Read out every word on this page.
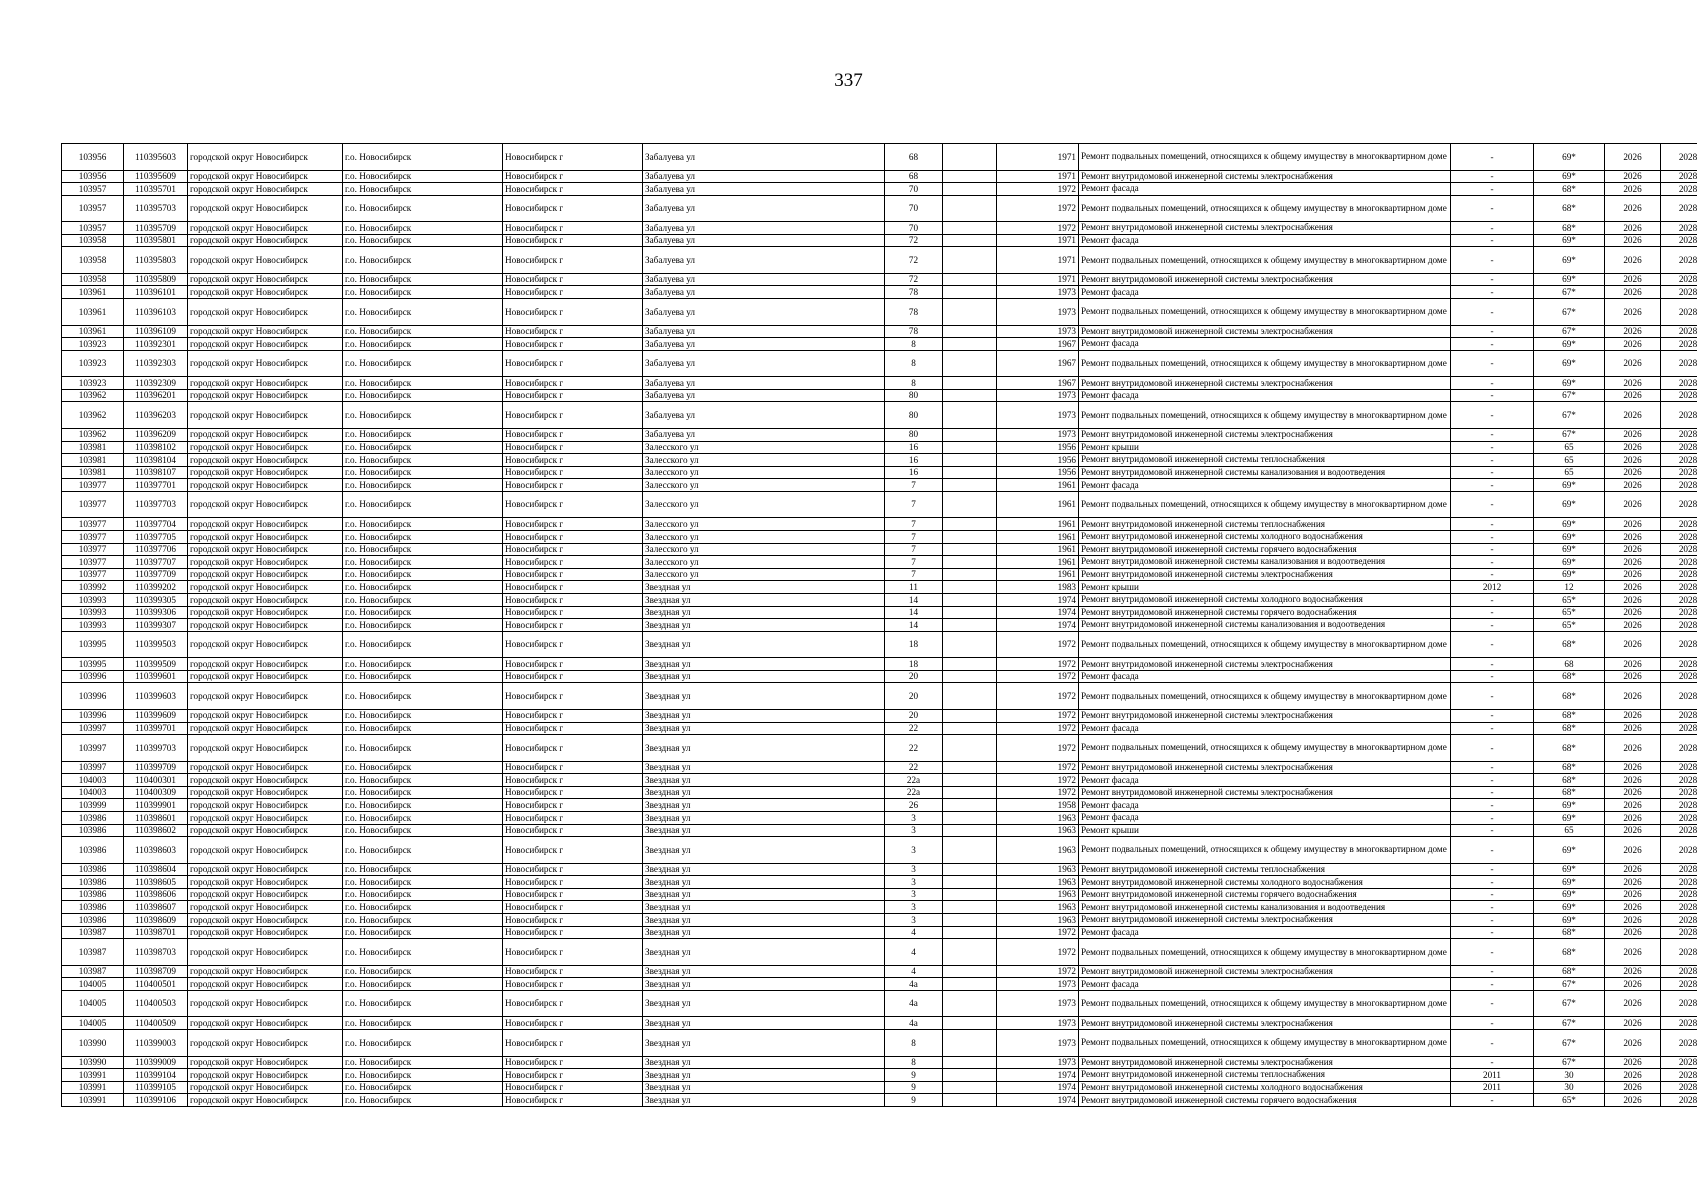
337
103956	110395603	городской округ Новосибирск	г.о. Новосибирск	Новосибирск г	Забалуева ул	68		1971	Ремонт подвальных помещений, относящихся к общему имуществу в многоквартирном доме	-	69*	2026	2028
103956	110395609	городской округ Новосибирск	г.о. Новосибирск	Новосибирск г	Забалуева ул	68		1971	Ремонт внутридомовой инженерной системы электроснабжения	-	69*	2026	2028
103957	110395701	городской округ Новосибирск	г.о. Новосибирск	Новосибирск г	Забалуева ул	70		1972	Ремонт фасада	-	68*	2026	2028
103957	110395703	городской округ Новосибирск	г.о. Новосибирск	Новосибирск г	Забалуева ул	70		1972	Ремонт подвальных помещений, относящихся к общему имуществу в многоквартирном доме	-	68*	2026	2028
103957	110395709	городской округ Новосибирск	г.о. Новосибирск	Новосибирск г	Забалуева ул	70		1972	Ремонт внутридомовой инженерной системы электроснабжения	-	68*	2026	2028
103958	110395801	городской округ Новосибирск	г.о. Новосибирск	Новосибирск г	Забалуева ул	72		1971	Ремонт фасада	-	69*	2026	2028
103958	110395803	городской округ Новосибирск	г.о. Новосибирск	Новосибирск г	Забалуева ул	72		1971	Ремонт подвальных помещений, относящихся к общему имуществу в многоквартирном доме	-	69*	2026	2028
103958	110395809	городской округ Новосибирск	г.о. Новосибирск	Новосибирск г	Забалуева ул	72		1971	Ремонт внутридомовой инженерной системы электроснабжения	-	69*	2026	2028
103961	110396101	городской округ Новосибирск	г.о. Новосибирск	Новосибирск г	Забалуева ул	78		1973	Ремонт фасада	-	67*	2026	2028
103961	110396103	городской округ Новосибирск	г.о. Новосибирск	Новосибирск г	Забалуева ул	78		1973	Ремонт подвальных помещений, относящихся к общему имуществу в многоквартирном доме	-	67*	2026	2028
103961	110396109	городской округ Новосибирск	г.о. Новосибирск	Новосибирск г	Забалуева ул	78		1973	Ремонт внутридомовой инженерной системы электроснабжения	-	67*	2026	2028
103923	110392301	городской округ Новосибирск	г.о. Новосибирск	Новосибирск г	Забалуева ул	8		1967	Ремонт фасада	-	69*	2026	2028
103923	110392303	городской округ Новосибирск	г.о. Новосибирск	Новосибирск г	Забалуева ул	8		1967	Ремонт подвальных помещений, относящихся к общему имуществу в многоквартирном доме	-	69*	2026	2028
103923	110392309	городской округ Новосибирск	г.о. Новосибирск	Новосибирск г	Забалуева ул	8		1967	Ремонт внутридомовой инженерной системы электроснабжения	-	69*	2026	2028
103962	110396201	городской округ Новосибирск	г.о. Новосибирск	Новосибирск г	Забалуева ул	80		1973	Ремонт фасада	-	67*	2026	2028
103962	110396203	городской округ Новосибирск	г.о. Новосибирск	Новосибирск г	Забалуева ул	80		1973	Ремонт подвальных помещений, относящихся к общему имуществу в многоквартирном доме	-	67*	2026	2028
103962	110396209	городской округ Новосибирск	г.о. Новосибирск	Новосибирск г	Забалуева ул	80		1973	Ремонт внутридомовой инженерной системы электроснабжения	-	67*	2026	2028
103981	110398102	городской округ Новосибирск	г.о. Новосибирск	Новосибирск г	Залесского ул	16		1956	Ремонт крыши	-	65	2026	2028
103981	110398104	городской округ Новосибирск	г.о. Новосибирск	Новосибирск г	Залесского ул	16		1956	Ремонт внутридомовой инженерной системы теплоснабжения	-	65	2026	2028
103981	110398107	городской округ Новосибирск	г.о. Новосибирск	Новосибирск г	Залесского ул	16		1956	Ремонт внутридомовой инженерной системы канализования и водоотведения	-	65	2026	2028
103977	110397701	городской округ Новосибирск	г.о. Новосибирск	Новосибирск г	Залесского ул	7		1961	Ремонт фасада	-	69*	2026	2028
103977	110397703	городской округ Новосибирск	г.о. Новосибирск	Новосибирск г	Залесского ул	7		1961	Ремонт подвальных помещений, относящихся к общему имуществу в многоквартирном доме	-	69*	2026	2028
103977	110397704	городской округ Новосибирск	г.о. Новосибирск	Новосибирск г	Залесского ул	7		1961	Ремонт внутридомовой инженерной системы теплоснабжения	-	69*	2026	2028
103977	110397705	городской округ Новосибирск	г.о. Новосибирск	Новосибирск г	Залесского ул	7		1961	Ремонт внутридомовой инженерной системы холодного водоснабжения	-	69*	2026	2028
103977	110397706	городской округ Новосибирск	г.о. Новосибирск	Новосибирск г	Залесского ул	7		1961	Ремонт внутридомовой инженерной системы горячего водоснабжения	-	69*	2026	2028
103977	110397707	городской округ Новосибирск	г.о. Новосибирск	Новосибирск г	Залесского ул	7		1961	Ремонт внутридомовой инженерной системы канализования и водоотведения	-	69*	2026	2028
103977	110397709	городской округ Новосибирск	г.о. Новосибирск	Новосибирск г	Залесского ул	7		1961	Ремонт внутридомовой инженерной системы электроснабжения	-	69*	2026	2028
103992	110399202	городской округ Новосибирск	г.о. Новосибирск	Новосибирск г	Звездная ул	11		1983	Ремонт крыши	2012	12	2026	2028
103993	110399305	городской округ Новосибирск	г.о. Новосибирск	Новосибирск г	Звездная ул	14		1974	Ремонт внутридомовой инженерной системы холодного водоснабжения	-	65*	2026	2028
103993	110399306	городской округ Новосибирск	г.о. Новосибирск	Новосибирск г	Звездная ул	14		1974	Ремонт внутридомовой инженерной системы горячего водоснабжения	-	65*	2026	2028
103993	110399307	городской округ Новосибирск	г.о. Новосибирск	Новосибирск г	Звездная ул	14		1974	Ремонт внутридомовой инженерной системы канализования и водоотведения	-	65*	2026	2028
103995	110399503	городской округ Новосибирск	г.о. Новосибирск	Новосибирск г	Звездная ул	18		1972	Ремонт подвальных помещений, относящихся к общему имуществу в многоквартирном доме	-	68*	2026	2028
103995	110399509	городской округ Новосибирск	г.о. Новосибирск	Новосибирск г	Звездная ул	18		1972	Ремонт внутридомовой инженерной системы электроснабжения	-	68	2026	2028
103996	110399601	городской округ Новосибирск	г.о. Новосибирск	Новосибирск г	Звездная ул	20		1972	Ремонт фасада	-	68*	2026	2028
103996	110399603	городской округ Новосибирск	г.о. Новосибирск	Новосибирск г	Звездная ул	20		1972	Ремонт подвальных помещений, относящихся к общему имуществу в многоквартирном доме	-	68*	2026	2028
103996	110399609	городской округ Новосибирск	г.о. Новосибирск	Новосибирск г	Звездная ул	20		1972	Ремонт внутридомовой инженерной системы электроснабжения	-	68*	2026	2028
103997	110399701	городской округ Новосибирск	г.о. Новосибирск	Новосибирск г	Звездная ул	22		1972	Ремонт фасада	-	68*	2026	2028
103997	110399703	городской округ Новосибирск	г.о. Новосибирск	Новосибирск г	Звездная ул	22		1972	Ремонт подвальных помещений, относящихся к общему имуществу в многоквартирном доме	-	68*	2026	2028
103997	110399709	городской округ Новосибирск	г.о. Новосибирск	Новосибирск г	Звездная ул	22		1972	Ремонт внутридомовой инженерной системы электроснабжения	-	68*	2026	2028
104003	110400301	городской округ Новосибирск	г.о. Новосибирск	Новосибирск г	Звездная ул	22а		1972	Ремонт фасада	-	68*	2026	2028
104003	110400309	городской округ Новосибирск	г.о. Новосибирск	Новосибирск г	Звездная ул	22а		1972	Ремонт внутридомовой инженерной системы электроснабжения	-	68*	2026	2028
103999	110399901	городской округ Новосибирск	г.о. Новосибирск	Новосибирск г	Звездная ул	26		1958	Ремонт фасада	-	69*	2026	2028
103986	110398601	городской округ Новосибирск	г.о. Новосибирск	Новосибирск г	Звездная ул	3		1963	Ремонт фасада	-	69*	2026	2028
103986	110398602	городской округ Новосибирск	г.о. Новосибирск	Новосибирск г	Звездная ул	3		1963	Ремонт крыши	-	65	2026	2028
103986	110398603	городской округ Новосибирск	г.о. Новосибирск	Новосибирск г	Звездная ул	3		1963	Ремонт подвальных помещений, относящихся к общему имуществу в многоквартирном доме	-	69*	2026	2028
103986	110398604	городской округ Новосибирск	г.о. Новосибирск	Новосибирск г	Звездная ул	3		1963	Ремонт внутридомовой инженерной системы теплоснабжения	-	69*	2026	2028
103986	110398605	городской округ Новосибирск	г.о. Новосибирск	Новосибирск г	Звездная ул	3		1963	Ремонт внутридомовой инженерной системы холодного водоснабжения	-	69*	2026	2028
103986	110398606	городской округ Новосибирск	г.о. Новосибирск	Новосибирск г	Звездная ул	3		1963	Ремонт внутридомовой инженерной системы горячего водоснабжения	-	69*	2026	2028
103986	110398607	городской округ Новосибирск	г.о. Новосибирск	Новосибирск г	Звездная ул	3		1963	Ремонт внутридомовой инженерной системы канализования и водоотведения	-	69*	2026	2028
103986	110398609	городской округ Новосибирск	г.о. Новосибирск	Новосибирск г	Звездная ул	3		1963	Ремонт внутридомовой инженерной системы электроснабжения	-	69*	2026	2028
103987	110398701	городской округ Новосибирск	г.о. Новосибирск	Новосибирск г	Звездная ул	4		1972	Ремонт фасада	-	68*	2026	2028
103987	110398703	городской округ Новосибирск	г.о. Новосибирск	Новосибирск г	Звездная ул	4		1972	Ремонт подвальных помещений, относящихся к общему имуществу в многоквартирном доме	-	68*	2026	2028
103987	110398709	городской округ Новосибирск	г.о. Новосибирск	Новосибирск г	Звездная ул	4		1972	Ремонт внутридомовой инженерной системы электроснабжения	-	68*	2026	2028
104005	110400501	городской округ Новосибирск	г.о. Новосибирск	Новосибирск г	Звездная ул	4а		1973	Ремонт фасада	-	67*	2026	2028
104005	110400503	городской округ Новосибирск	г.о. Новосибирск	Новосибирск г	Звездная ул	4а		1973	Ремонт подвальных помещений, относящихся к общему имуществу в многоквартирном доме	-	67*	2026	2028
104005	110400509	городской округ Новосибирск	г.о. Новосибирск	Новосибирск г	Звездная ул	4а		1973	Ремонт внутридомовой инженерной системы электроснабжения	-	67*	2026	2028
103990	110399003	городской округ Новосибирск	г.о. Новосибирск	Новосибирск г	Звездная ул	8		1973	Ремонт подвальных помещений, относящихся к общему имуществу в многоквартирном доме	-	67*	2026	2028
103990	110399009	городской округ Новосибирск	г.о. Новосибирск	Новосибирск г	Звездная ул	8		1973	Ремонт внутридомовой инженерной системы электроснабжения	-	67*	2026	2028
103991	110399104	городской округ Новосибирск	г.о. Новосибирск	Новосибирск г	Звездная ул	9		1974	Ремонт внутридомовой инженерной системы теплоснабжения	2011	30	2026	2028
103991	110399105	городской округ Новосибирск	г.о. Новосибирск	Новосибирск г	Звездная ул	9		1974	Ремонт внутридомовой инженерной системы холодного водоснабжения	2011	30	2026	2028
103991	110399106	городской округ Новосибирск	г.о. Новосибирск	Новосибирск г	Звездная ул	9		1974	Ремонт внутридомовой инженерной системы горячего водоснабжения	-	65*	2026	2028
